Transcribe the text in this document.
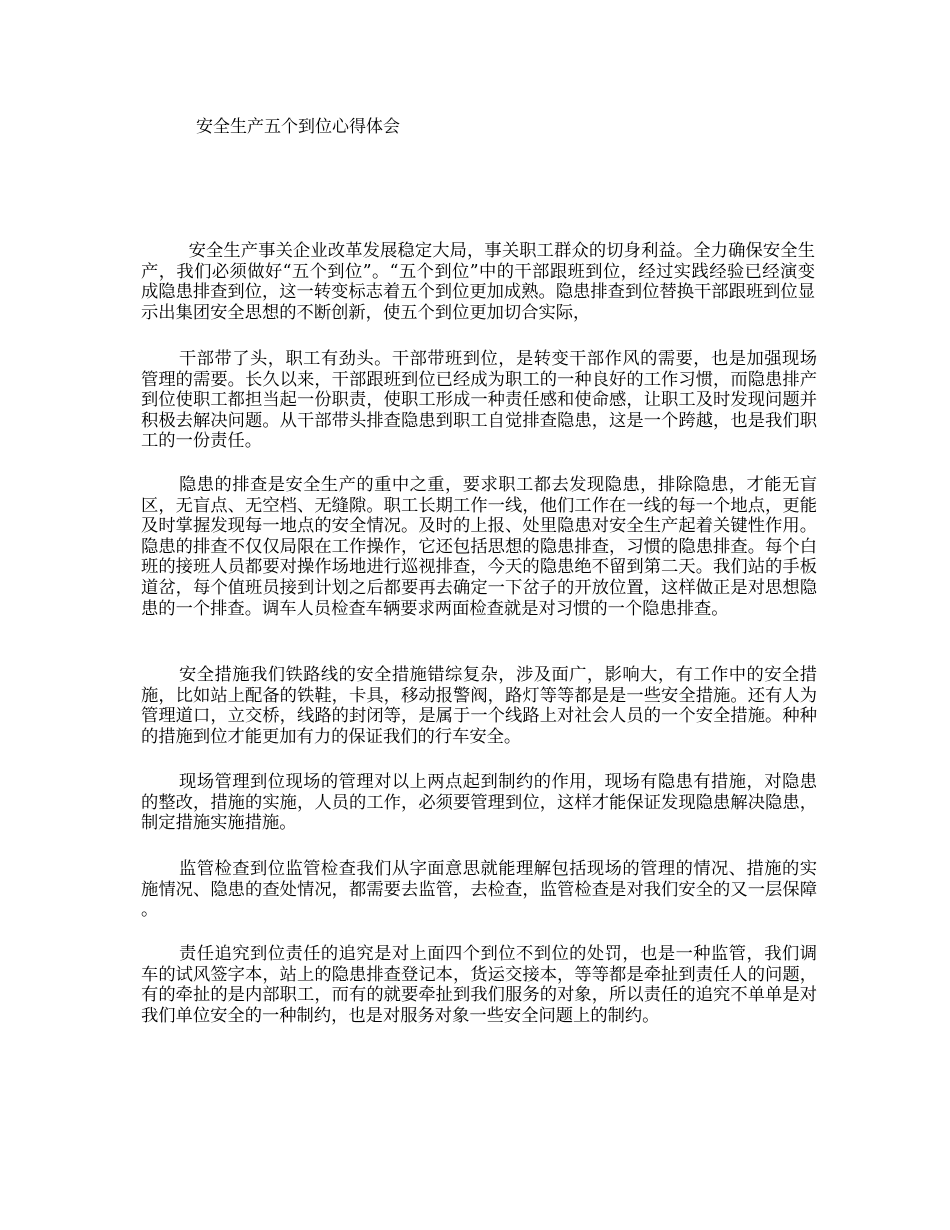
安全生产五个到位心得体会

安全生产事关企业改革发展稳定大局，事关职工群众的切身利益。全力确保安全生产，我们必须做好“五个到位”。“五个到位”中的干部跟班到位，经过实践经验已经演变成隐患排查到位，这一转变标志着五个到位更加成熟。隐患排查到位替换干部跟班到位显示出集团安全思想的不断创新，使五个到位更加切合实际，

干部带了头，职工有劲头。干部带班到位，是转变干部作风的需要，也是加强现场管理的需要。长久以来，干部跟班到位已经成为职工的一种良好的工作习惯，而隐患排产到位使职工都担当起一份职责，使职工形成一种责任感和使命感，让职工及时发现问题并积极去解决问题。从干部带头排查隐患到职工自觉排查隐患，这是一个跨越，也是我们职工的一份责任。

隐患的排查是安全生产的重中之重，要求职工都去发现隐患，排除隐患，才能无盲区，无盲点、无空档、无缝隙。职工长期工作一线，他们工作在一线的每一个地点，更能及时掌握发现每一地点的安全情况。及时的上报、处里隐患对安全生产起着关键性作用。隐患的排查不仅仅局限在工作操作，它还包括思想的隐患排查，习惯的隐患排查。每个白班的接班人员都要对操作场地进行巡视排查，今天的隐患绝不留到第二天。我们站的手板道岔，每个值班员接到计划之后都要再去确定一下岔子的开放位置，这样做正是对思想隐患的一个排查。调车人员检查车辆要求两面检查就是对习惯的一个隐患排查。

安全措施我们铁路线的安全措施错综复杂，涉及面广，影响大，有工作中的安全措施，比如站上配备的铁鞋，卡具，移动报警阀，路灯等等都是是一些安全措施。还有人为管理道口，立交桥，线路的封闭等，是属于一个线路上对社会人员的一个安全措施。种种的措施到位才能更加有力的保证我们的行车安全。

现场管理到位现场的管理对以上两点起到制约的作用，现场有隐患有措施，对隐患的整改，措施的实施，人员的工作，必须要管理到位，这样才能保证发现隐患解决隐患，制定措施实施措施。

监管检查到位监管检查我们从字面意思就能理解包括现场的管理的情况、措施的实施情况、隐患的查处情况，都需要去监管，去检查，监管检查是对我们安全的又一层保障。

责任追究到位责任的追究是对上面四个到位不到位的处罚，也是一种监管，我们调车的试风签字本，站上的隐患排查登记本，货运交接本，等等都是牵扯到责任人的问题，有的牵扯的是内部职工，而有的就要牵扯到我们服务的对象，所以责任的追究不单单是对我们单位安全的一种制约，也是对服务对象一些安全问题上的制约。
